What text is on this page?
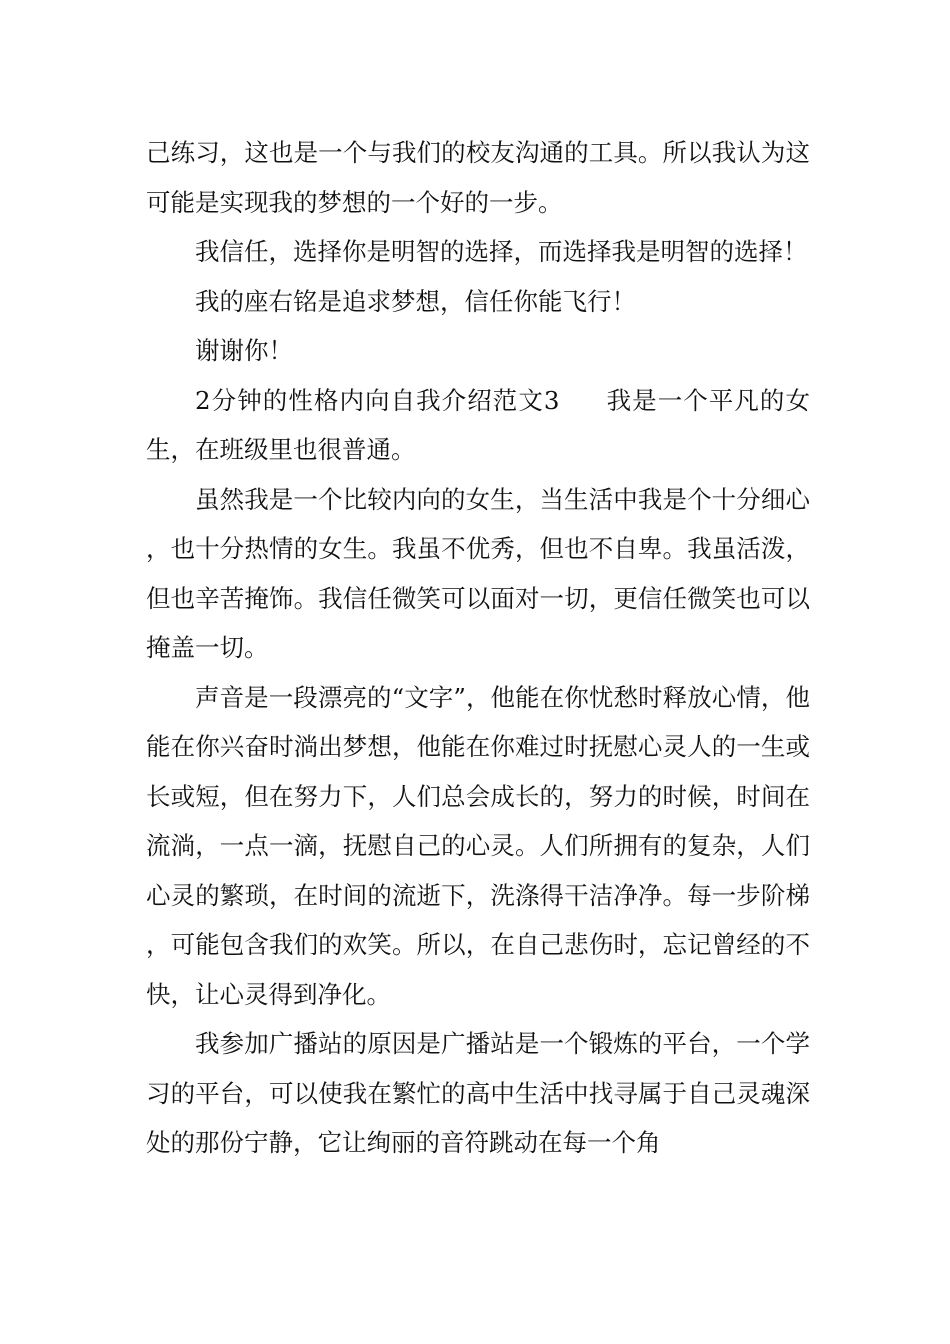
己练习，这也是一个与我们的校友沟通的工具。所以我认为这可能是实现我的梦想的一个好的一步。

我信任，选择你是明智的选择，而选择我是明智的选择！

我的座右铭是追求梦想，信任你能飞行！

谢谢你！

2分钟的性格内向自我介绍范文3 我是一个平凡的女生，在班级里也很普通。

虽然我是一个比较内向的女生，当生活中我是个十分细心，也十分热情的女生。我虽不优秀，但也不自卑。我虽活泼，但也辛苦掩饰。我信任微笑可以面对一切，更信任微笑也可以掩盖一切。

声音是一段漂亮的“文字”，他能在你忧愁时释放心情，他能在你兴奋时淌出梦想，他能在你难过时抚慰心灵人的一生或长或短，但在努力下，人们总会成长的，努力的时候，时间在流淌，一点一滴，抚慰自己的心灵。人们所拥有的复杂，人们心灵的繁琐，在时间的流逝下，洗涤得干洁净净。每一步阶梯，可能包含我们的欢笑。所以，在自己悲伤时，忘记曾经的不快，让心灵得到净化。

我参加广播站的原因是广播站是一个锻炼的平台，一个学习的平台，可以使我在繁忙的高中生活中找寻属于自己灵魂深处的那份宁静，它让绚丽的音符跳动在每一个角
